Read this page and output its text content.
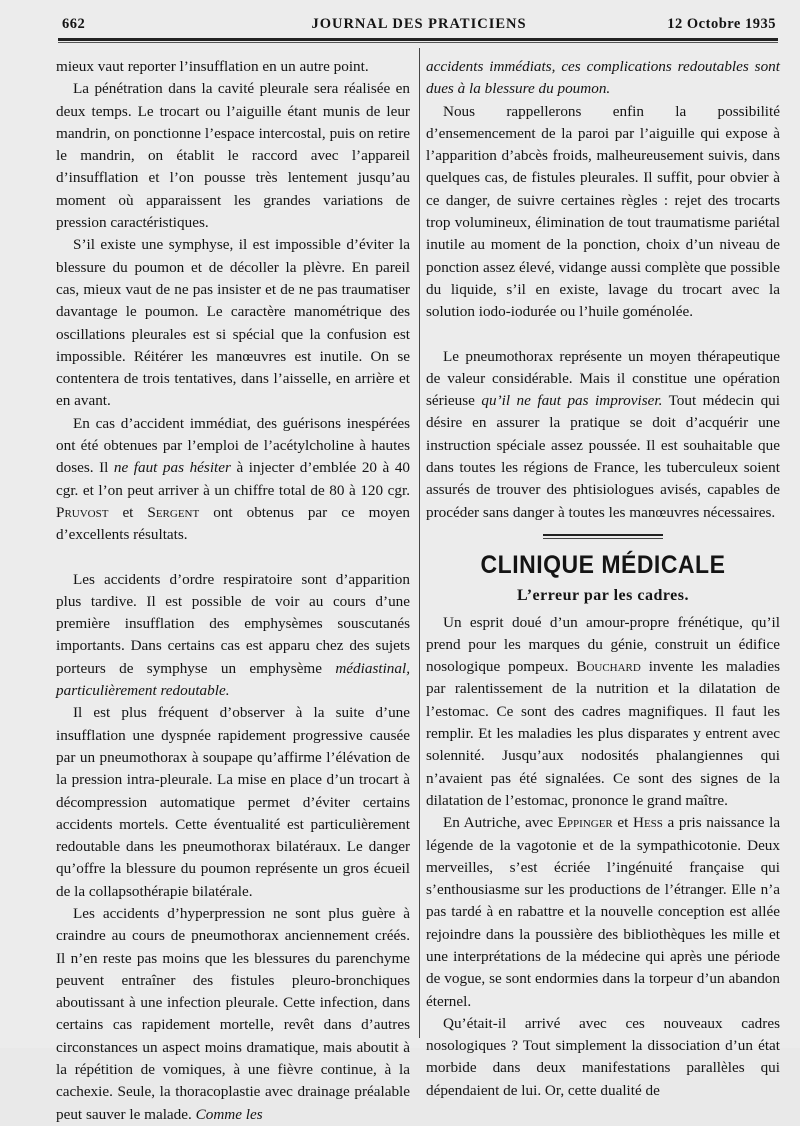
662	JOURNAL DES PRATICIENS	12 Octobre 1935

mieux vaut reporter l’insufflation en un autre point.

La pénétration dans la cavité pleurale sera réalisée en deux temps. Le trocart ou l’aiguille étant munis de leur mandrin, on ponctionne l’espace intercostal, puis on retire le mandrin, on établit le raccord avec l’appareil d’insufflation et l’on pousse très lentement jusqu’au moment où apparaissent les grandes variations de pression caractéristiques.

S’il existe une symphyse, il est impossible d’éviter la blessure du poumon et de décoller la plèvre. En pareil cas, mieux vaut de ne pas insister et de ne pas traumatiser davantage le poumon. Le caractère manométrique des oscillations pleurales est si spécial que la confusion est impossible. Réitérer les manœuvres est inutile. On se contentera de trois tentatives, dans l’aisselle, en arrière et en avant.

En cas d’accident immédiat, des guérisons inespérées ont été obtenues par l’emploi de l’acétylcholine à hautes doses. Il ne faut pas hésiter à injecter d’emblée 20 à 40 cgr. et l’on peut arriver à un chiffre total de 80 à 120 cgr. Pruvost et Sergent ont obtenus par ce moyen d’excellents résultats.

Les accidents d’ordre respiratoire sont d’apparition plus tardive. Il est possible de voir au cours d’une première insufflation des emphysèmes souscutanés importants. Dans certains cas est apparu chez des sujets porteurs de symphyse un emphysème médiastinal, particulièrement redoutable.

Il est plus fréquent d’observer à la suite d’une insufflation une dyspnée rapidement progressive causée par un pneumothorax à soupape qu’affirme l’élévation de la pression intra-pleurale. La mise en place d’un trocart à décompression automatique permet d’éviter certains accidents mortels. Cette éventualité est particulièrement redoutable dans les pneumothorax bilatéraux. Le danger qu’offre la blessure du poumon représente un gros écueil de la collapsothérapie bilatérale.

Les accidents d’hyperpression ne sont plus guère à craindre au cours de pneumothorax anciennement créés. Il n’en reste pas moins que les blessures du parenchyme peuvent entraîner des fistules pleuro-bronchiques aboutissant à une infection pleurale. Cette infection, dans certains cas rapidement mortelle, revêt dans d’autres circonstances un aspect moins dramatique, mais aboutit à la répétition de vomiques, à une fièvre continue, à la cachexie. Seule, la thoracoplastie avec drainage préalable peut sauver le malade. Comme les

accidents immédiats, ces complications redoutables sont dues à la blessure du poumon.

Nous rappellerons enfin la possibilité d’ensemencement de la paroi par l’aiguille qui expose à l’apparition d’abcès froids, malheureusement suivis, dans quelques cas, de fistules pleurales. Il suffit, pour obvier à ce danger, de suivre certaines règles : rejet des trocarts trop volumineux, élimination de tout traumatisme pariétal inutile au moment de la ponction, choix d’un niveau de ponction assez élevé, vidange aussi complète que possible du liquide, s’il en existe, lavage du trocart avec la solution iodo-iodurée ou l’huile goménolée.

Le pneumothorax représente un moyen thérapeutique de valeur considérable. Mais il constitue une opération sérieuse qu’il ne faut pas improviser. Tout médecin qui désire en assurer la pratique se doit d’acquérir une instruction spéciale assez poussée. Il est souhaitable que dans toutes les régions de France, les tuberculeux soient assurés de trouver des phtisiologues avisés, capables de procéder sans danger à toutes les manœuvres nécessaires.

CLINIQUE MÉDICALE
L’erreur par les cadres.

Un esprit doué d’un amour-propre frénétique, qu’il prend pour les marques du génie, construit un édifice nosologique pompeux. Bouchard invente les maladies par ralentissement de la nutrition et la dilatation de l’estomac. Ce sont des cadres magnifiques. Il faut les remplir. Et les maladies les plus disparates y entrent avec solennité. Jusqu’aux nodosités phalangiennes qui n’avaient pas été signalées. Ce sont des signes de la dilatation de l’estomac, prononce le grand maître.

En Autriche, avec Eppinger et Hess a pris naissance la légende de la vagotonie et de la sympathicotonie. Deux merveilles, s’est écriée l’ingénuité française qui s’enthousiasme sur les productions de l’étranger. Elle n’a pas tardé à en rabattre et la nouvelle conception est allée rejoindre dans la poussière des bibliothèques les mille et une interprétations de la médecine qui après une période de vogue, se sont endormies dans la torpeur d’un abandon éternel.

Qu’était-il arrivé avec ces nouveaux cadres nosologiques ? Tout simplement la dissociation d’un état morbide dans deux manifestations parallèles qui dépendaient de lui. Or, cette dualité de
